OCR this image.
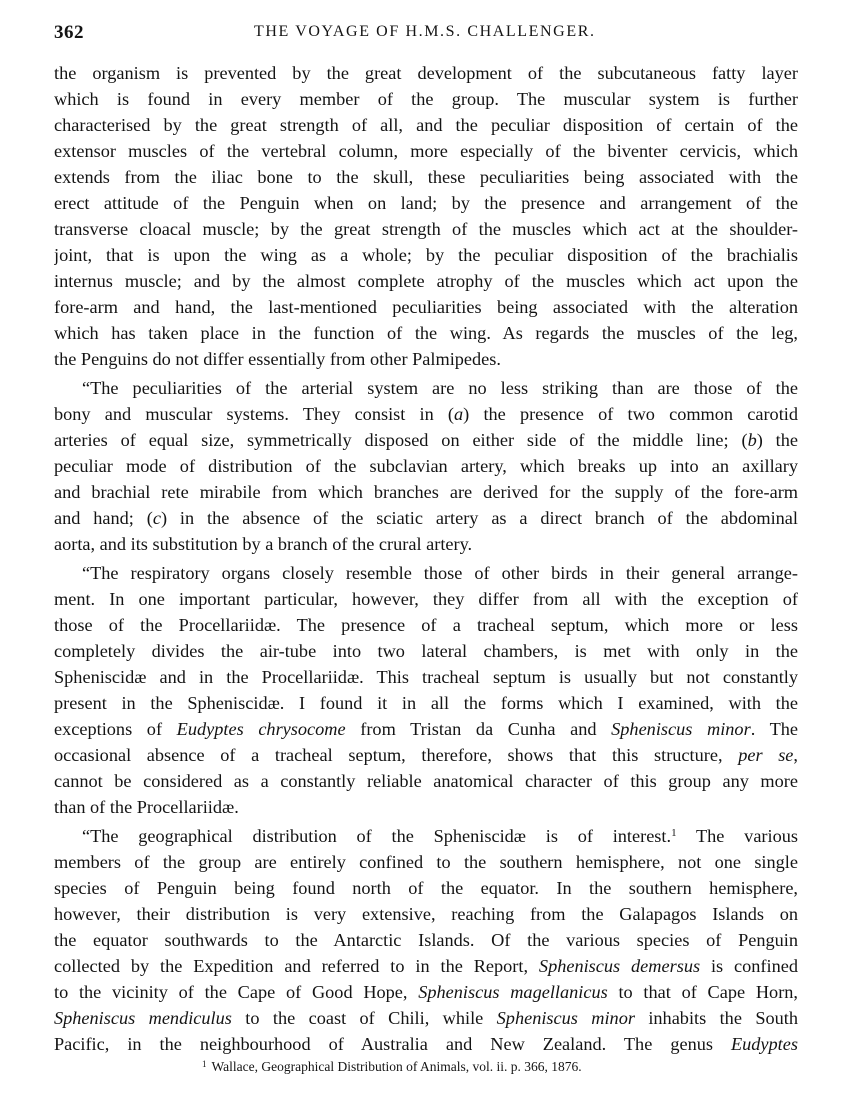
362	THE VOYAGE OF H.M.S. CHALLENGER.
the organism is prevented by the great development of the subcutaneous fatty layer
which is found in every member of the group. The muscular system is further
characterised by the great strength of all, and the peculiar disposition of certain of the
extensor muscles of the vertebral column, more especially of the biventer cervicis, which
extends from the iliac bone to the skull, these peculiarities being associated with the
erect attitude of the Penguin when on land; by the presence and arrangement of the
transverse cloacal muscle; by the great strength of the muscles which act at the shoulder-
joint, that is upon the wing as a whole; by the peculiar disposition of the brachialis
internus muscle; and by the almost complete atrophy of the muscles which act upon the
fore-arm and hand, the last-mentioned peculiarities being associated with the alteration
which has taken place in the function of the wing. As regards the muscles of the leg,
the Penguins do not differ essentially from other Palmipedes.
“The peculiarities of the arterial system are no less striking than are those of the
bony and muscular systems. They consist in (a) the presence of two common carotid
arteries of equal size, symmetrically disposed on either side of the middle line; (b) the
peculiar mode of distribution of the subclavian artery, which breaks up into an axillary
and brachial rete mirabile from which branches are derived for the supply of the fore-arm
and hand; (c) in the absence of the sciatic artery as a direct branch of the abdominal
aorta, and its substitution by a branch of the crural artery.
“The respiratory organs closely resemble those of other birds in their general arrange-
ment. In one important particular, however, they differ from all with the exception of
those of the Procellariidæ. The presence of a tracheal septum, which more or less
completely divides the air-tube into two lateral chambers, is met with only in the
Spheniscidæ and in the Procellariidæ. This tracheal septum is usually but not constantly
present in the Spheniscidæ. I found it in all the forms which I examined, with the
exceptions of Eudyptes chrysocome from Tristan da Cunha and Spheniscus minor. The
occasional absence of a tracheal septum, therefore, shows that this structure, per se,
cannot be considered as a constantly reliable anatomical character of this group any more
than of the Procellariidæ.
“The geographical distribution of the Spheniscidæ is of interest.$^1$ The various
members of the group are entirely confined to the southern hemisphere, not one single
species of Penguin being found north of the equator. In the southern hemisphere,
however, their distribution is very extensive, reaching from the Galapagos Islands on
the equator southwards to the Antarctic Islands. Of the various species of Penguin
collected by the Expedition and referred to in the Report, Spheniscus demersus is confined
to the vicinity of the Cape of Good Hope, Spheniscus magellanicus to that of Cape Horn,
Spheniscus mendiculus to the coast of Chili, while Spheniscus minor inhabits the South
Pacific, in the neighbourhood of Australia and New Zealand. The genus Eudyptes
$^1$ Wallace, Geographical Distribution of Animals, vol. ii. p. 366, 1876.
